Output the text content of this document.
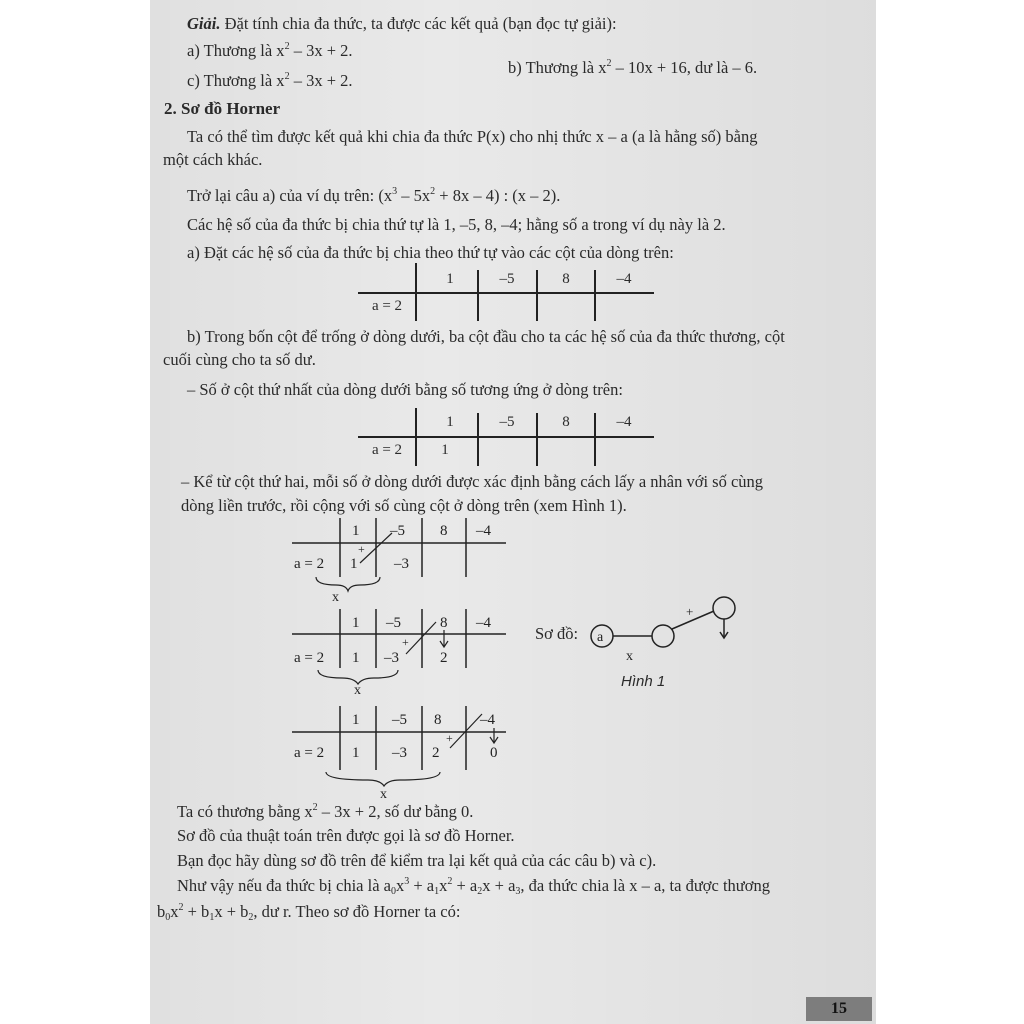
Giải. Đặt tính chia đa thức, ta được các kết quả (bạn đọc tự giải):
a) Thương là $x^2 - 3x + 2$.
b) Thương là $x^2 - 10x + 16$, dư là – 6.
c) Thương là $x^2 - 3x + 2$.
2. Sơ đồ Horner
Ta có thể tìm được kết quả khi chia đa thức P(x) cho nhị thức x – a (a là hằng số) bằng
một cách khác.
Trở lại câu a) của ví dụ trên: $(x^3 - 5x^2 + 8x - 4)$ : (x – 2).
Các hệ số của đa thức bị chia thứ tự là 1, –5, 8, –4; hằng số a trong ví dụ này là 2.
a) Đặt các hệ số của đa thức bị chia theo thứ tự vào các cột của dòng trên:
1	–5	8	–4
a = 2
b) Trong bốn cột để trống ở dòng dưới, ba cột đầu cho ta các hệ số của đa thức thương, cột
cuối cùng cho ta số dư.
– Số ở cột thứ nhất của dòng dưới bằng số tương ứng ở dòng trên:
1	–5	8	–4
a = 2	1
– Kể từ cột thứ hai, mỗi số ở dòng dưới được xác định bằng cách lấy a nhân với số cùng
dòng liền trước, rồi cộng với số cùng cột ở dòng trên (xem Hình 1).
1 –5 8 –4
a = 2 1 –3
+
x
1 –5	8 –4
a = 2 1 –3	2
+
x
Sơ đồ: a
+
x
Hình 1
1 –5 8	–4
a = 2 1 –3 2	0
+
x
Ta có thương bằng $x^2 - 3x + 2$, số dư bằng 0.
Sơ đồ của thuật toán trên được gọi là sơ đồ Horner.
Bạn đọc hãy dùng sơ đồ trên để kiểm tra lại kết quả của các câu b) và c).
Như vậy nếu đa thức bị chia là $a_0x^3 + a_1x^2 + a_2x + a_3$, đa thức chia là x – a, ta được thương
$b_0x^2 + b_1x + b_2$, dư r. Theo sơ đồ Horner ta có:
15
